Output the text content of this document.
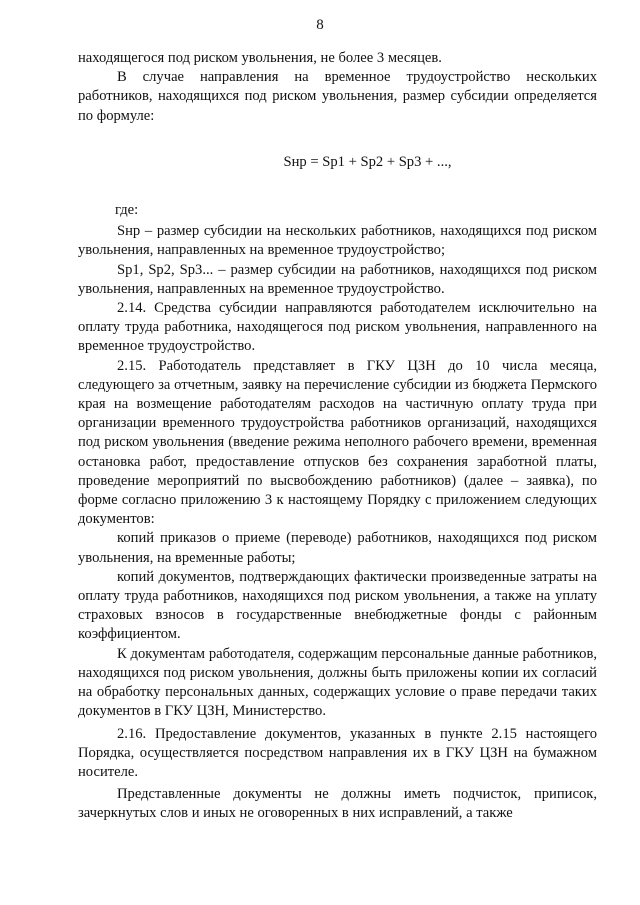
8

находящегося под риском увольнения, не более 3 месяцев.

В случае направления на временное трудоустройство нескольких работников, находящихся под риском увольнения, размер субсидии определяется по формуле:

Sнр = Sp1 + Sp2 + Sp3 + ...,

где:

Sнр – размер субсидии на нескольких работников, находящихся под риском увольнения, направленных на временное трудоустройство;

Sp1, Sp2, Sp3... – размер субсидии на работников, находящихся под риском увольнения, направленных на временное трудоустройство.

2.14. Средства субсидии направляются работодателем исключительно на оплату труда работника, находящегося под риском увольнения, направленного на временное трудоустройство.

2.15. Работодатель представляет в ГКУ ЦЗН до 10 числа месяца, следующего за отчетным, заявку на перечисление субсидии из бюджета Пермского края на возмещение работодателям расходов на частичную оплату труда при организации временного трудоустройства работников организаций, находящихся под риском увольнения (введение режима неполного рабочего времени, временная остановка работ, предоставление отпусков без сохранения заработной платы, проведение мероприятий по высвобождению работников) (далее – заявка), по форме согласно приложению 3 к настоящему Порядку с приложением следующих документов:

копий приказов о приеме (переводе) работников, находящихся под риском увольнения, на временные работы;

копий документов, подтверждающих фактически произведенные затраты на оплату труда работников, находящихся под риском увольнения, а также на уплату страховых взносов в государственные внебюджетные фонды с районным коэффициентом.

К документам работодателя, содержащим персональные данные работников, находящихся под риском увольнения, должны быть приложены копии их согласий на обработку персональных данных, содержащих условие о праве передачи таких документов в ГКУ ЦЗН, Министерство.

2.16. Предоставление документов, указанных в пункте 2.15 настоящего Порядка, осуществляется посредством направления их в ГКУ ЦЗН на бумажном носителе.

Представленные документы не должны иметь подчисток, приписок, зачеркнутых слов и иных не оговоренных в них исправлений, а также
